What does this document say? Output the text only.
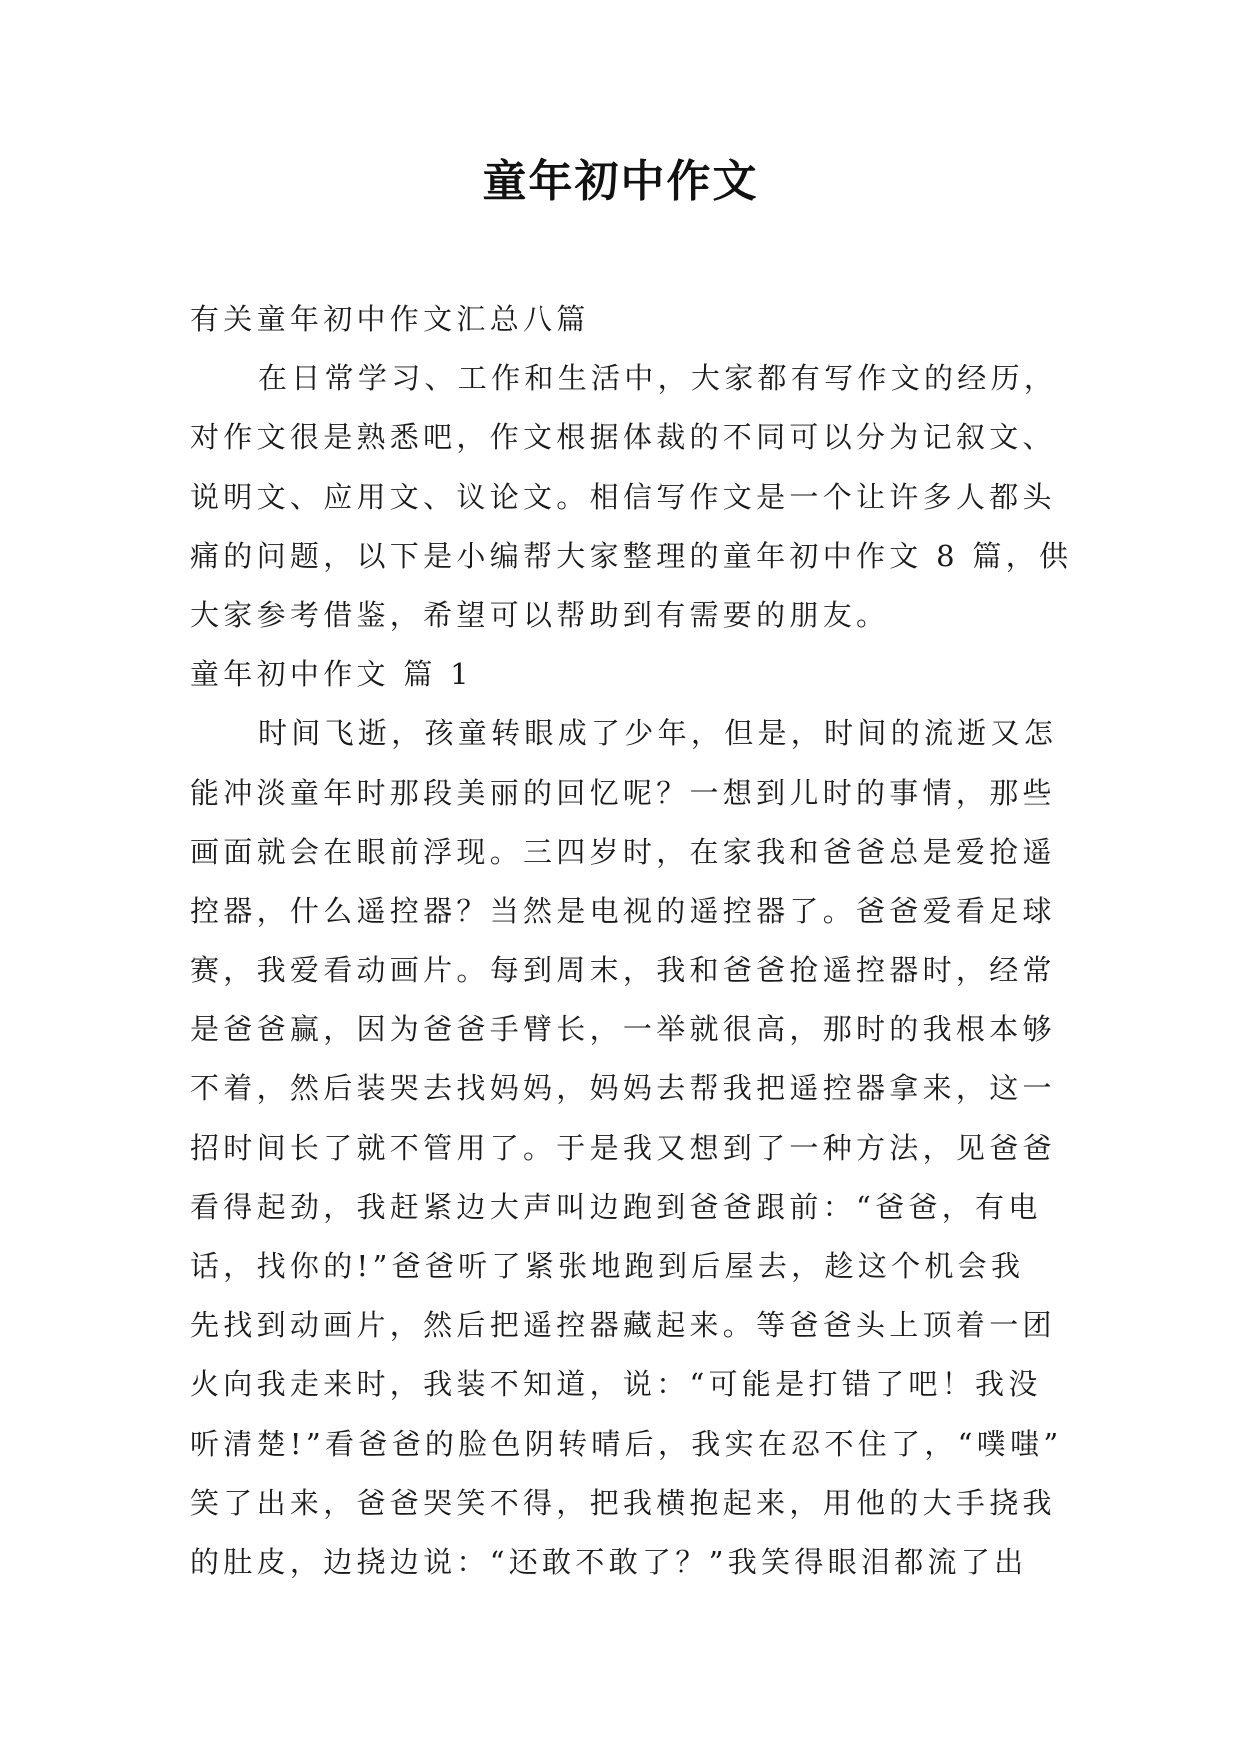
童年初中作文
有关童年初中作文汇总八篇
在日常学习、工作和生活中，大家都有写作文的经历，
对作文很是熟悉吧，作文根据体裁的不同可以分为记叙文、
说明文、应用文、议论文。相信写作文是一个让许多人都头
痛的问题，以下是小编帮大家整理的童年初中作文 8 篇，供
大家参考借鉴，希望可以帮助到有需要的朋友。
童年初中作文 篇 1
时间飞逝，孩童转眼成了少年，但是，时间的流逝又怎
能冲淡童年时那段美丽的回忆呢？一想到儿时的事情，那些
画面就会在眼前浮现。三四岁时，在家我和爸爸总是爱抢遥
控器，什么遥控器？当然是电视的遥控器了。爸爸爱看足球
赛，我爱看动画片。每到周末，我和爸爸抢遥控器时，经常
是爸爸赢，因为爸爸手臂长，一举就很高，那时的我根本够
不着，然后装哭去找妈妈，妈妈去帮我把遥控器拿来，这一
招时间长了就不管用了。于是我又想到了一种方法，见爸爸
看得起劲，我赶紧边大声叫边跑到爸爸跟前：“爸爸，有电
话，找你的!”爸爸听了紧张地跑到后屋去，趁这个机会我
先找到动画片，然后把遥控器藏起来。等爸爸头上顶着一团
火向我走来时，我装不知道，说：“可能是打错了吧！我没
听清楚!”看爸爸的脸色阴转晴后，我实在忍不住了，“噗嗤”
笑了出来，爸爸哭笑不得，把我横抱起来，用他的大手挠我
的肚皮，边挠边说：“还敢不敢了？”我笑得眼泪都流了出
